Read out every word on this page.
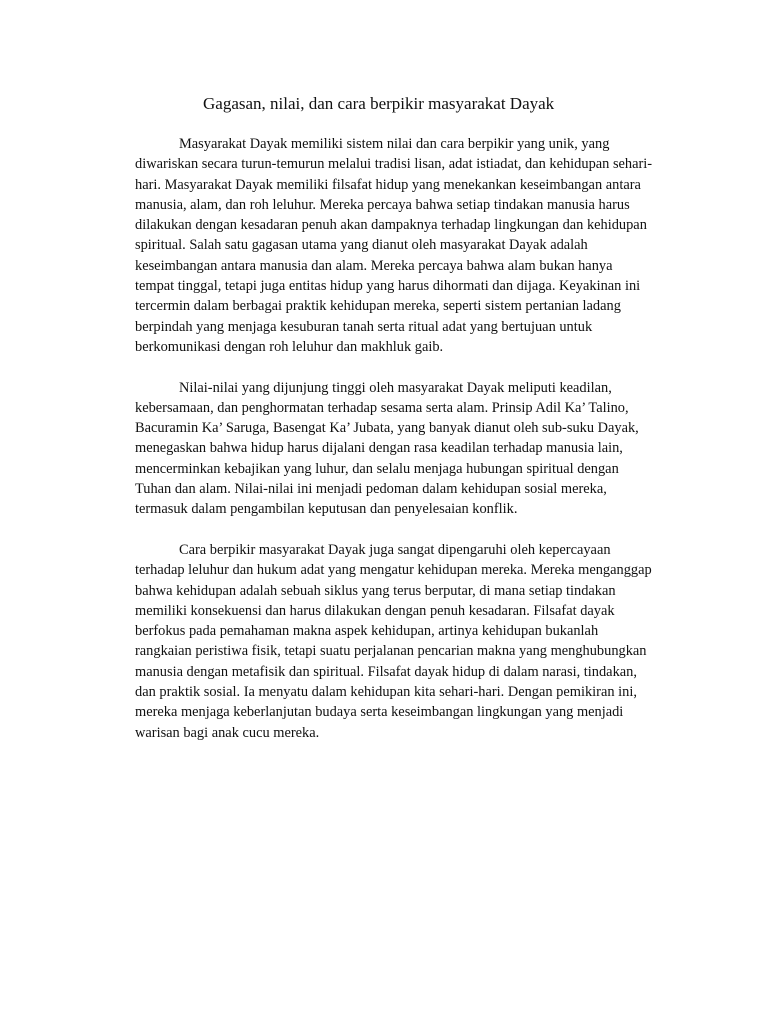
Gagasan, nilai, dan cara berpikir masyarakat Dayak
Masyarakat Dayak memiliki sistem nilai dan cara berpikir yang unik, yang
diwariskan secara turun-temurun melalui tradisi lisan, adat istiadat, dan kehidupan sehari-
hari. Masyarakat Dayak memiliki filsafat hidup yang menekankan keseimbangan antara
manusia, alam, dan roh leluhur. Mereka percaya bahwa setiap tindakan manusia harus
dilakukan dengan kesadaran penuh akan dampaknya terhadap lingkungan dan kehidupan
spiritual. Salah satu gagasan utama yang dianut oleh masyarakat Dayak adalah
keseimbangan antara manusia dan alam. Mereka percaya bahwa alam bukan hanya
tempat tinggal, tetapi juga entitas hidup yang harus dihormati dan dijaga. Keyakinan ini
tercermin dalam berbagai praktik kehidupan mereka, seperti sistem pertanian ladang
berpindah yang menjaga kesuburan tanah serta ritual adat yang bertujuan untuk
berkomunikasi dengan roh leluhur dan makhluk gaib.
Nilai-nilai yang dijunjung tinggi oleh masyarakat Dayak meliputi keadilan,
kebersamaan, dan penghormatan terhadap sesama serta alam. Prinsip Adil Ka’ Talino,
Bacuramin Ka’ Saruga, Basengat Ka’ Jubata, yang banyak dianut oleh sub-suku Dayak,
menegaskan bahwa hidup harus dijalani dengan rasa keadilan terhadap manusia lain,
mencerminkan kebajikan yang luhur, dan selalu menjaga hubungan spiritual dengan
Tuhan dan alam. Nilai-nilai ini menjadi pedoman dalam kehidupan sosial mereka,
termasuk dalam pengambilan keputusan dan penyelesaian konflik.
Cara berpikir masyarakat Dayak juga sangat dipengaruhi oleh kepercayaan
terhadap leluhur dan hukum adat yang mengatur kehidupan mereka. Mereka menganggap
bahwa kehidupan adalah sebuah siklus yang terus berputar, di mana setiap tindakan
memiliki konsekuensi dan harus dilakukan dengan penuh kesadaran. Filsafat dayak
berfokus pada pemahaman makna aspek kehidupan, artinya kehidupan bukanlah
rangkaian peristiwa fisik, tetapi suatu perjalanan pencarian makna yang menghubungkan
manusia dengan metafisik dan spiritual. Filsafat dayak hidup di dalam narasi, tindakan,
dan praktik sosial. Ia menyatu dalam kehidupan kita sehari-hari. Dengan pemikiran ini,
mereka menjaga keberlanjutan budaya serta keseimbangan lingkungan yang menjadi
warisan bagi anak cucu mereka.
